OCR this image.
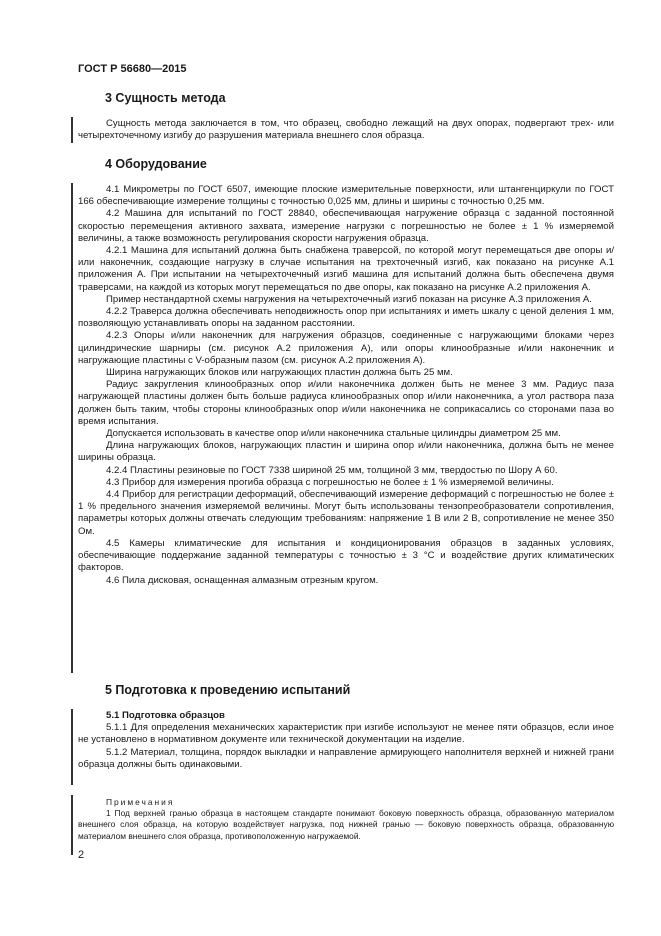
ГОСТ Р 56680—2015
3 Сущность метода

Сущность метода заключается в том, что образец, свободно лежащий на двух опорах, подвергают трех- или четырехточечному изгибу до разрушения материала внешнего слоя образца.

4 Оборудование

4.1 Микрометры по ГОСТ 6507, имеющие плоские измерительные поверхности, или штангенциркули по ГОСТ 166 обеспечивающие измерение толщины с точностью 0,025 мм, длины и ширины с точностью 0,25 мм.

4.2 Машина для испытаний по ГОСТ 28840, обеспечивающая нагружение образца с заданной постоянной скоростью перемещения активного захвата, измерение нагрузки с погрешностью не более ± 1 % измеряемой величины, а также возможность регулирования скорости нагружения образца.

4.2.1 Машина для испытаний должна быть снабжена траверсой, по которой могут перемещаться две опоры и/или наконечник, создающие нагрузку в случае испытания на трехточечный изгиб, как показано на рисунке А.1 приложения А. При испытании на четырехточечный изгиб машина для испытаний должна быть обеспечена двумя траверсами, на каждой из которых могут перемещаться по две опоры, как показано на рисунке А.2 приложения А.

Пример нестандартной схемы нагружения на четырехточечный изгиб показан на рисунке А.3 приложения А.

4.2.2 Траверса должна обеспечивать неподвижность опор при испытаниях и иметь шкалу с ценой деления 1 мм, позволяющую устанавливать опоры на заданном расстоянии.

4.2.3 Опоры и/или наконечник для нагружения образцов, соединенные с нагружающими блоками через цилиндрические шарниры (см. рисунок А.2 приложения А), или опоры клинообразные и/или наконечник и нагружающие пластины с V-образным пазом (см. рисунок А.2 приложения А).

Ширина нагружающих блоков или нагружающих пластин должна быть 25 мм.

Радиус закругления клинообразных опор и/или наконечника должен быть не менее 3 мм. Радиус паза нагружающей пластины должен быть больше радиуса клинообразных опор и/или наконечника, а угол раствора паза должен быть таким, чтобы стороны клинообразных опор и/или наконечника не соприкасались со сторонами паза во время испытания.

Допускается использовать в качестве опор и/или наконечника стальные цилиндры диаметром 25 мм.

Длина нагружающих блоков, нагружающих пластин и ширина опор и/или наконечника, должна быть не менее ширины образца.

4.2.4 Пластины резиновые по ГОСТ 7338 шириной 25 мм, толщиной 3 мм, твердостью по Шору А 60.

4.3 Прибор для измерения прогиба образца с погрешностью не более ± 1 % измеряемой величины.

4.4 Прибор для регистрации деформаций, обеспечивающий измерение деформаций с погрешностью не более ± 1 % предельного значения измеряемой величины. Могут быть использованы тензопреобразователи сопротивления, параметры которых должны отвечать следующим требованиям: напряжение 1 В или 2 В, сопротивление не менее 350 Ом.

4.5 Камеры климатические для испытания и кондиционирования образцов в заданных условиях, обеспечивающие поддержание заданной температуры с точностью ± 3 °С и воздействие других климатических факторов.

4.6 Пила дисковая, оснащенная алмазным отрезным кругом.

5 Подготовка к проведению испытаний

5.1 Подготовка образцов

5.1.1 Для определения механических характеристик при изгибе используют не менее пяти образцов, если иное не установлено в нормативном документе или технической документации на изделие.

5.1.2 Материал, толщина, порядок выкладки и направление армирующего наполнителя верхней и нижней грани образца должны быть одинаковыми.

Примечания

1 Под верхней гранью образца в настоящем стандарте понимают боковую поверхность образца, образованную материалом внешнего слоя образца, на которую воздействует нагрузка, под нижней гранью — боковую поверхность образца, образованную материалом внешнего слоя образца, противоположенную нагружаемой.

2
